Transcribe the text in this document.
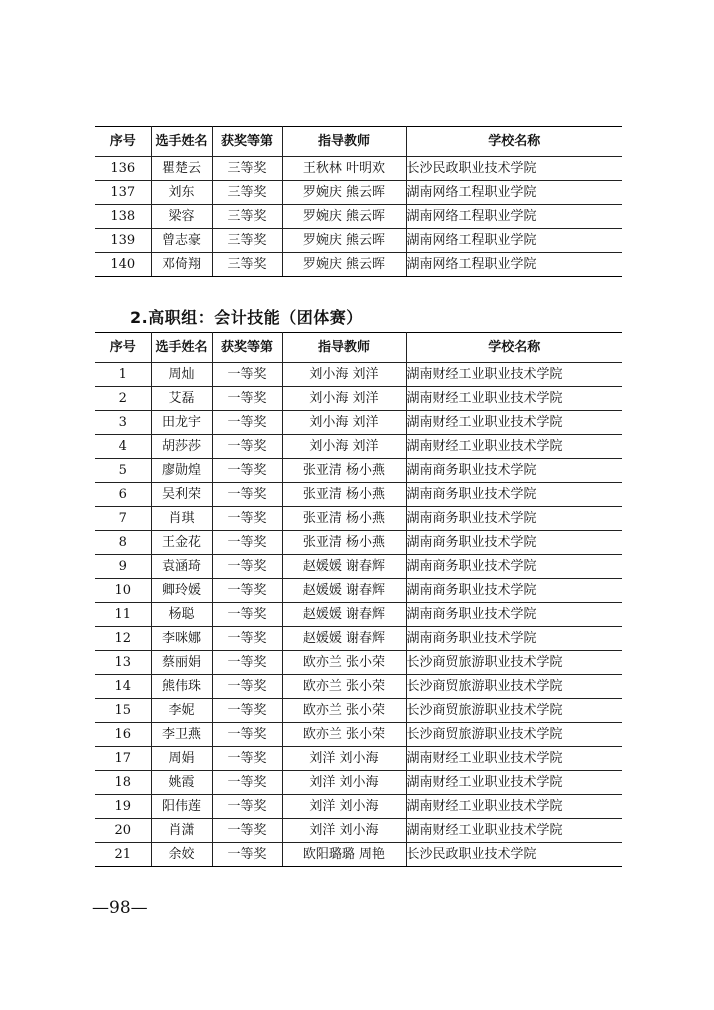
序号	选手姓名	获奖等第	指导教师	学校名称
136	瞿楚云	三等奖	王秋林 叶明欢	长沙民政职业技术学院
137	刘东	三等奖	罗婉庆 熊云晖	湖南网络工程职业学院
138	梁容	三等奖	罗婉庆 熊云晖	湖南网络工程职业学院
139	曾志豪	三等奖	罗婉庆 熊云晖	湖南网络工程职业学院
140	邓倚翔	三等奖	罗婉庆 熊云晖	湖南网络工程职业学院
2.高职组：会计技能（团体赛）
序号	选手姓名	获奖等第	指导教师	学校名称
1	周灿	一等奖	刘小海 刘洋	湖南财经工业职业技术学院
2	艾磊	一等奖	刘小海 刘洋	湖南财经工业职业技术学院
3	田龙宇	一等奖	刘小海 刘洋	湖南财经工业职业技术学院
4	胡莎莎	一等奖	刘小海 刘洋	湖南财经工业职业技术学院
5	廖勋煌	一等奖	张亚清 杨小燕	湖南商务职业技术学院
6	吴利荣	一等奖	张亚清 杨小燕	湖南商务职业技术学院
7	肖琪	一等奖	张亚清 杨小燕	湖南商务职业技术学院
8	王金花	一等奖	张亚清 杨小燕	湖南商务职业技术学院
9	袁涵琦	一等奖	赵媛媛 谢春辉	湖南商务职业技术学院
10	卿玲媛	一等奖	赵媛媛 谢春辉	湖南商务职业技术学院
11	杨聪	一等奖	赵媛媛 谢春辉	湖南商务职业技术学院
12	李咪娜	一等奖	赵媛媛 谢春辉	湖南商务职业技术学院
13	蔡丽娟	一等奖	欧亦兰 张小荣	长沙商贸旅游职业技术学院
14	熊伟珠	一等奖	欧亦兰 张小荣	长沙商贸旅游职业技术学院
15	李妮	一等奖	欧亦兰 张小荣	长沙商贸旅游职业技术学院
16	李卫燕	一等奖	欧亦兰 张小荣	长沙商贸旅游职业技术学院
17	周娟	一等奖	刘洋 刘小海	湖南财经工业职业技术学院
18	姚霞	一等奖	刘洋 刘小海	湖南财经工业职业技术学院
19	阳伟莲	一等奖	刘洋 刘小海	湖南财经工业职业技术学院
20	肖潇	一等奖	刘洋 刘小海	湖南财经工业职业技术学院
21	余姣	一等奖	欧阳璐璐 周艳	长沙民政职业技术学院
—98—
